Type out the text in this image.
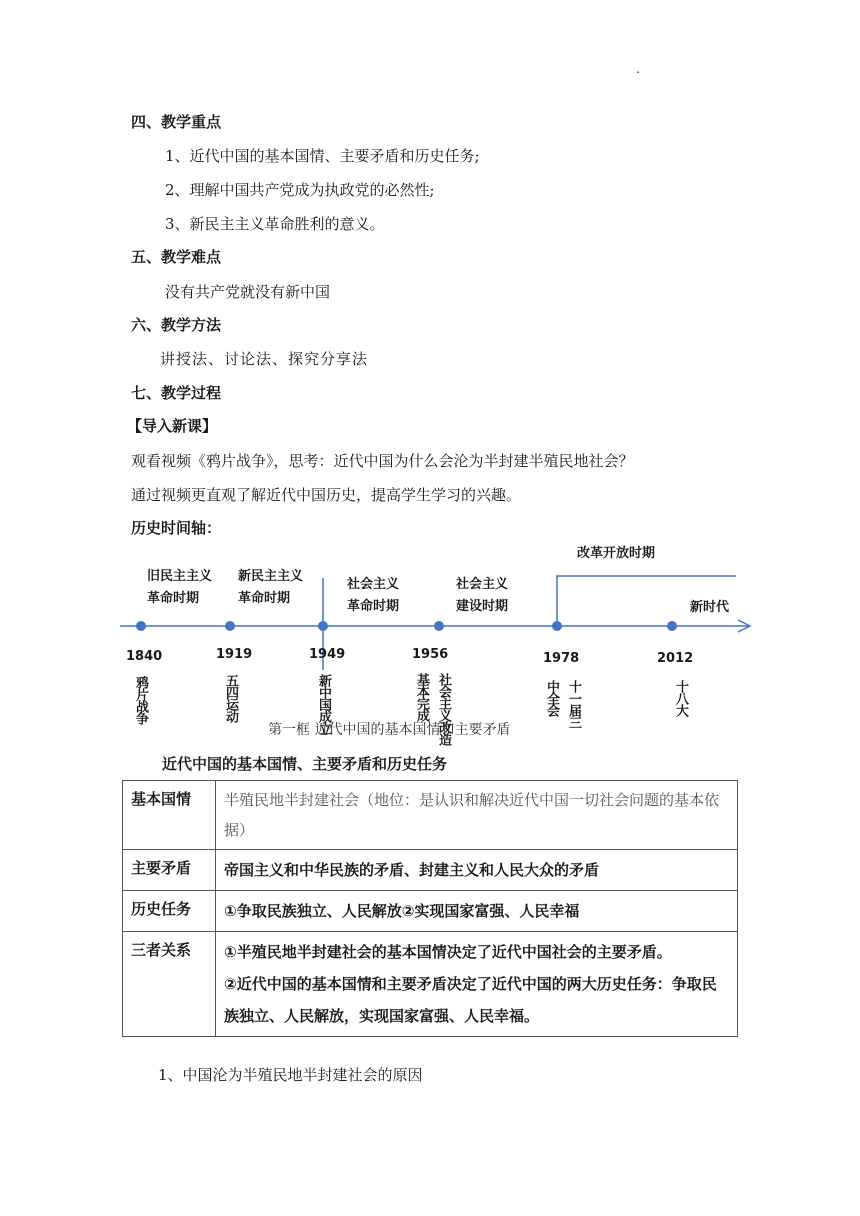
.
四、教学重点
1、近代中国的基本国情、主要矛盾和历史任务;
2、理解中国共产党成为执政党的必然性;
3、新民主主义革命胜利的意义。
五、教学难点
没有共产党就没有新中国
六、教学方法
讲授法、讨论法、探究分享法
七、教学过程
【导入新课】
观看视频《鸦片战争》，思考：近代中国为什么会沦为半封建半殖民地社会？
通过视频更直观了解近代中国历史，提高学生学习的兴趣。
历史时间轴：
旧民主主义
革命时期
新民主主义
革命时期
社会主义
革命时期
社会主义
建设时期
改革开放时期
新时代
1840	1919	1949	1956	1978	2012
鸦片战争	五四运动	新中国成立	基本完成 社会主义改造	中全会 十一届三	十八大
第一框 近代中国的基本国情和主要矛盾
近代中国的基本国情、主要矛盾和历史任务
基本国情	半殖民地半封建社会（地位：是认识和解决近代中国一切社会问题的基本依据）
主要矛盾	帝国主义和中华民族的矛盾、封建主义和人民大众的矛盾
历史任务	①争取民族独立、人民解放②实现国家富强、人民幸福
三者关系	①半殖民地半封建社会的基本国情决定了近代中国社会的主要矛盾。
②近代中国的基本国情和主要矛盾决定了近代中国的两大历史任务：争取民族独立、人民解放，实现国家富强、人民幸福。
1、中国沦为半殖民地半封建社会的原因
